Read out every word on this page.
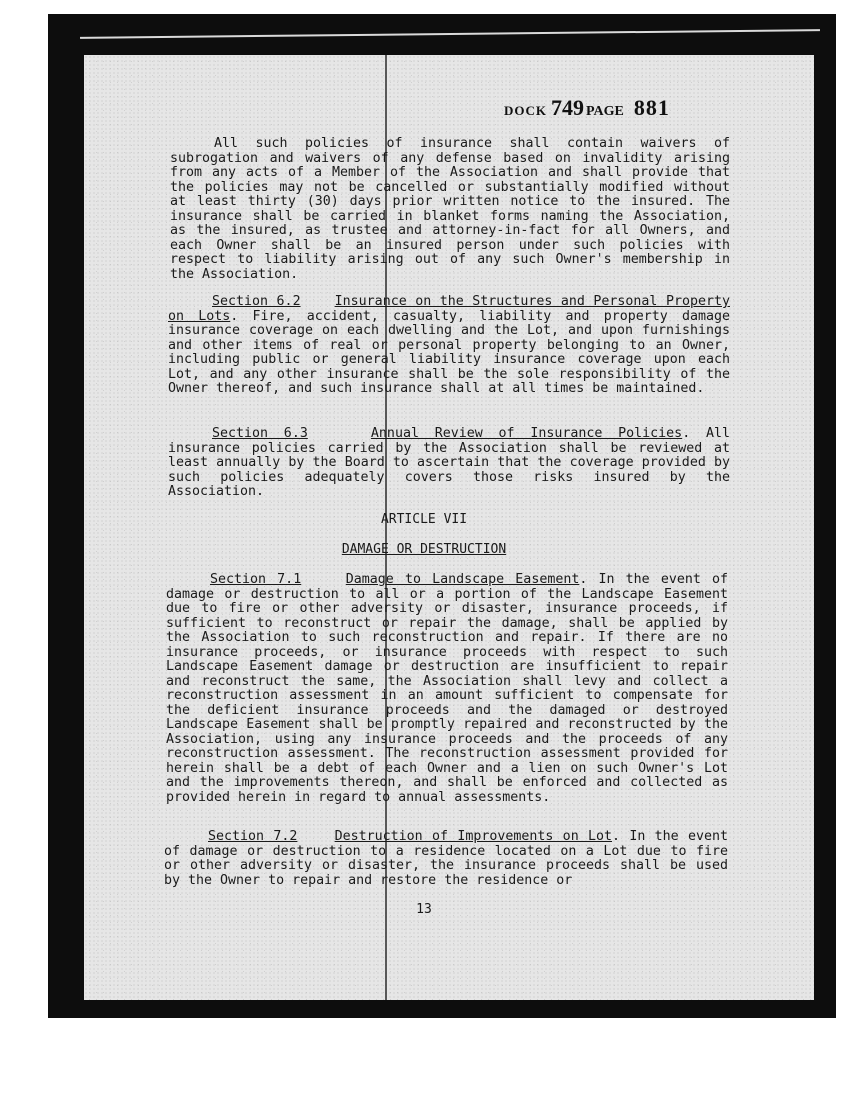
DOCK 749 PAGE 881

All such policies of insurance shall contain waivers of subrogation and waivers of any defense based on invalidity arising from any acts of a Member of the Association and shall provide that the policies may not be cancelled or substantially modified without at least thirty (30) days prior written notice to the insured. The insurance shall be carried in blanket forms naming the Association, as the insured, as trustee and attorney-in-fact for all Owners, and each Owner shall be an insured person under such policies with respect to liability arising out of any such Owner's membership in the Association.

Section 6.2	Insurance on the Structures and Personal Property on Lots. Fire, accident, casualty, liability and property damage insurance coverage on each dwelling and the Lot, and upon furnishings and other items of real or personal property belonging to an Owner, including public or general liability insurance coverage upon each Lot, and any other insurance shall be the sole responsibility of the Owner thereof, and such insurance shall at all times be maintained.

Section 6.3	Annual Review of Insurance Policies. All insurance policies carried by the Association shall be reviewed at least annually by the Board to ascertain that the coverage provided by such policies adequately covers those risks insured by the Association.

ARTICLE VII
DAMAGE OR DESTRUCTION

Section 7.1	Damage to Landscape Easement. In the event of damage or destruction to all or a portion of the Landscape Easement due to fire or other adversity or disaster, insurance proceeds, if sufficient to reconstruct or repair the damage, shall be applied by the Association to such reconstruction and repair. If there are no insurance proceeds, or insurance proceeds with respect to such Landscape Easement damage or destruction are insufficient to repair and reconstruct the same, the Association shall levy and collect a reconstruction assessment in an amount sufficient to compensate for the deficient insurance proceeds and the damaged or destroyed Landscape Easement shall be promptly repaired and reconstructed by the Association, using any insurance proceeds and the proceeds of any reconstruction assessment. The reconstruction assessment provided for herein shall be a debt of each Owner and a lien on such Owner's Lot and the improvements thereon, and shall be enforced and collected as provided herein in regard to annual assessments.

Section 7.2	Destruction of Improvements on Lot. In the event of damage or destruction to a residence located on a Lot due to fire or other adversity or disaster, the insurance proceeds shall be used by the Owner to repair and restore the residence or

13
